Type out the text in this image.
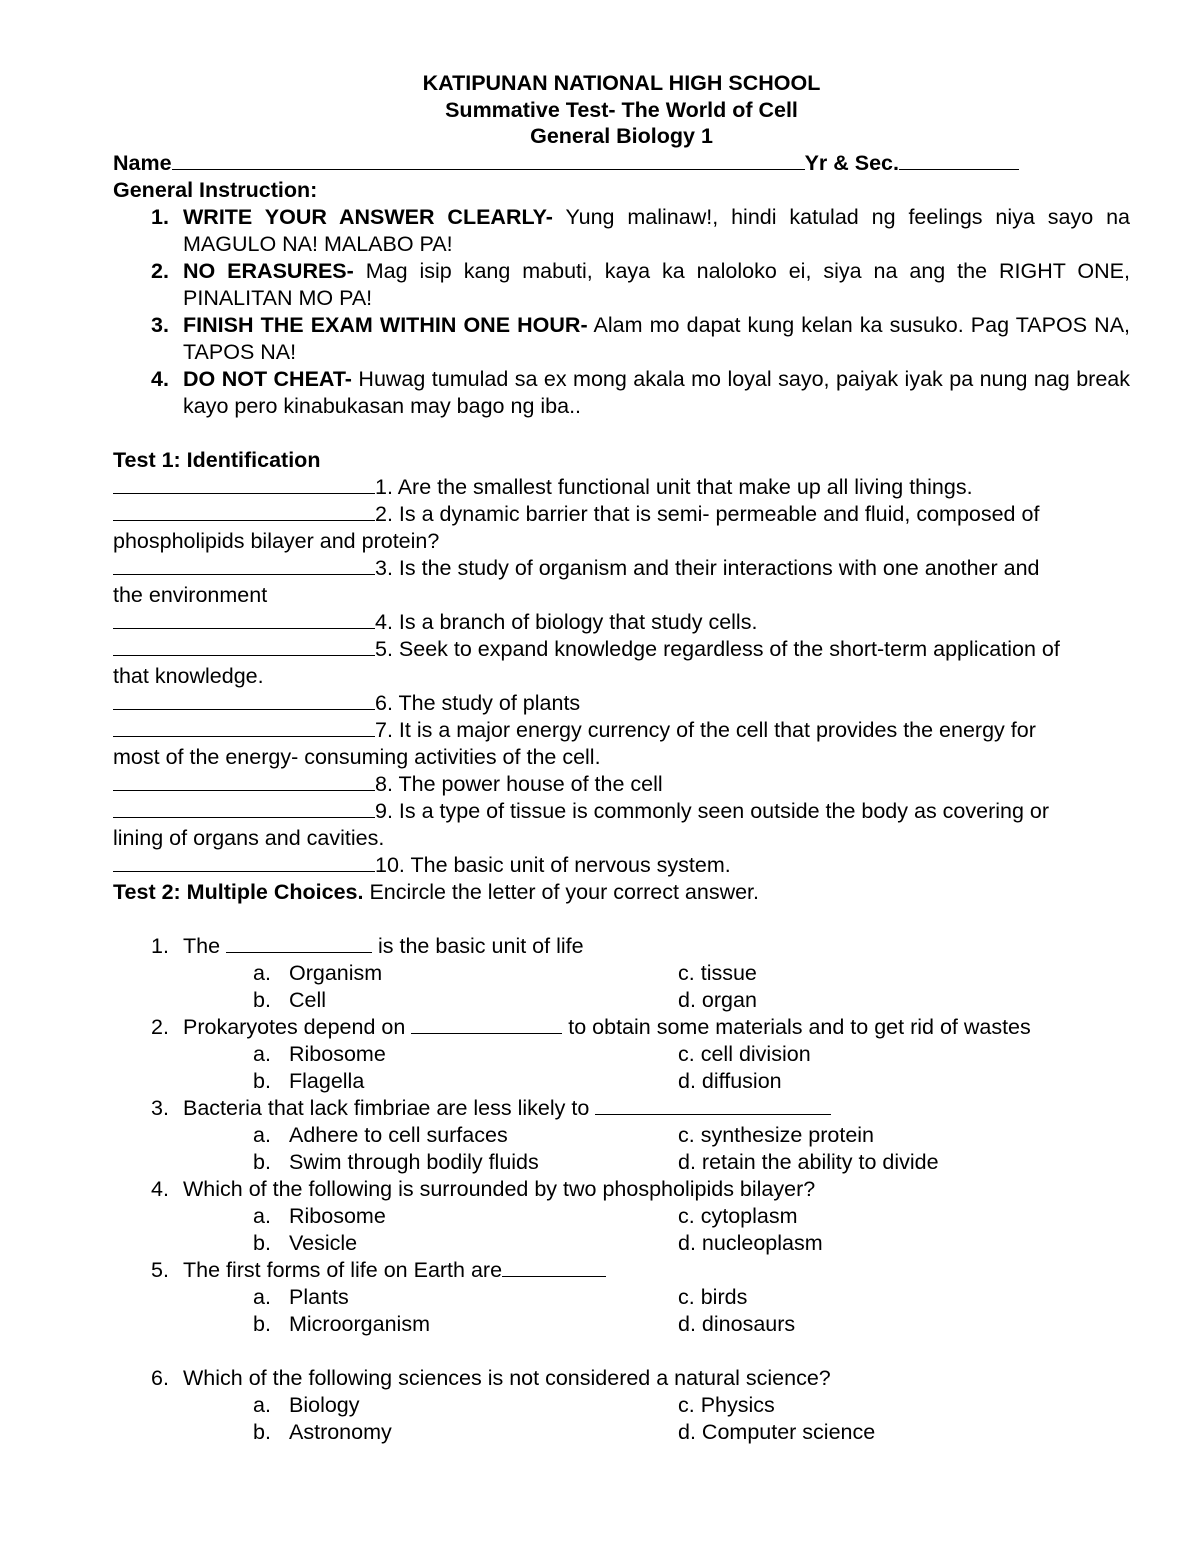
KATIPUNAN NATIONAL HIGH SCHOOL
Summative Test- The World of Cell
General Biology 1
Name	Yr & Sec.
General Instruction:
1. WRITE YOUR ANSWER CLEARLY- Yung malinaw!, hindi katulad ng feelings niya sayo na MAGULO NA! MALABO PA!
2. NO ERASURES- Mag isip kang mabuti, kaya ka naloloko ei, siya na ang the RIGHT ONE, PINALITAN MO PA!
3. FINISH THE EXAM WITHIN ONE HOUR- Alam mo dapat kung kelan ka susuko. Pag TAPOS NA, TAPOS NA!
4. DO NOT CHEAT- Huwag tumulad sa ex mong akala mo loyal sayo, paiyak iyak pa nung nag break kayo pero kinabukasan may bago ng iba..
Test 1: Identification
1. Are the smallest functional unit that make up all living things.
2. Is a dynamic barrier that is semi- permeable and fluid, composed of
phospholipids bilayer and protein?
3. Is the study of organism and their interactions with one another and
the environment
4. Is a branch of biology that study cells.
5. Seek to expand knowledge regardless of the short-term application of
that knowledge.
6. The study of plants
7. It is a major energy currency of the cell that provides the energy for
most of the energy- consuming activities of the cell.
8. The power house of the cell
9. Is a type of tissue is commonly seen outside the body as covering or
lining of organs and cavities.
10. The basic unit of nervous system.
Test 2: Multiple Choices. Encircle the letter of your correct answer.
1. The	is the basic unit of life
a. Organism	c. tissue
b. Cell	d. organ
2. Prokaryotes depend on	to obtain some materials and to get rid of wastes
a. Ribosome	c. cell division
b. Flagella	d. diffusion
3. Bacteria that lack fimbriae are less likely to
a. Adhere to cell surfaces	c. synthesize protein
b. Swim through bodily fluids	d. retain the ability to divide
4. Which of the following is surrounded by two phospholipids bilayer?
a. Ribosome	c. cytoplasm
b. Vesicle	d. nucleoplasm
5. The first forms of life on Earth are
a. Plants	c. birds
b. Microorganism	d. dinosaurs
6. Which of the following sciences is not considered a natural science?
a. Biology	c. Physics
b. Astronomy	d. Computer science
